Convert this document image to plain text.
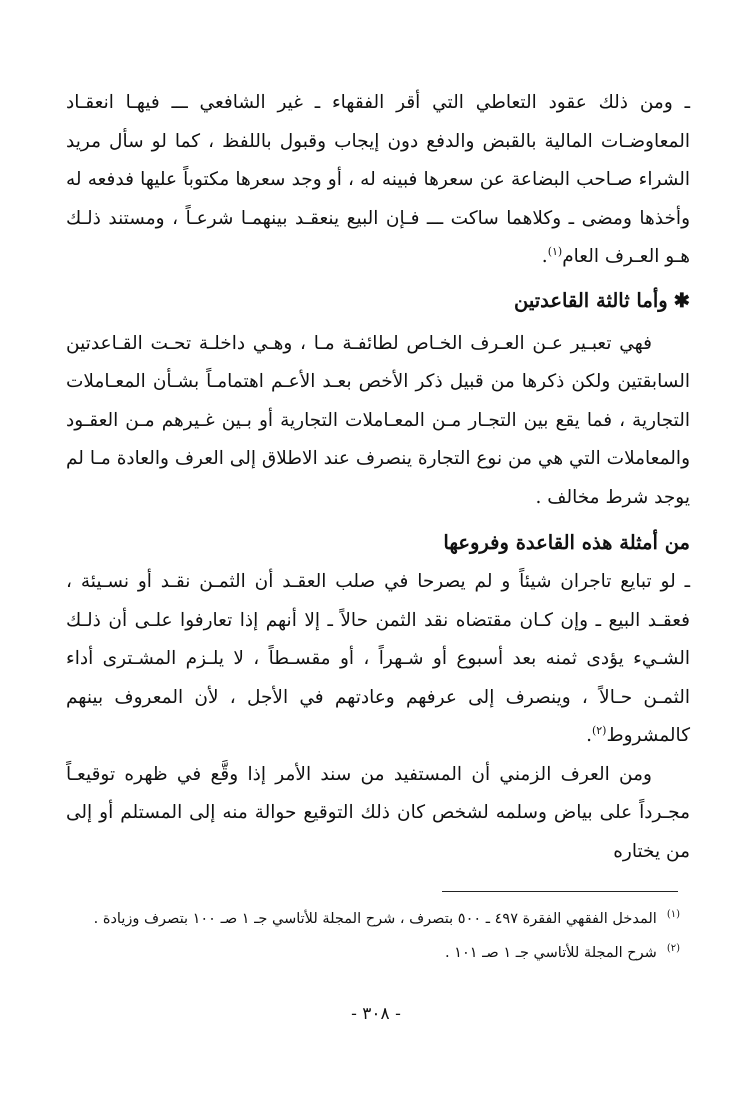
ـ ومن ذلك عقود التعاطي التي أقر الفقهاء ـ غير الشافعي ـــ فيهـا انعقـاد المعاوضـات المالية بالقبض والدفع دون إيجاب وقبول باللفظ ، كما لو سأل مريد الشراء صـاحب البضاعة عن سعرها فبينه له ، أو وجد سعرها مكتوباً عليها فدفعه له وأخذها ومضى ـ وكلاهما ساكت ـــ فـإن البيع ينعقـد بينهمـا شرعـاً ، ومستند ذلـك هـو العـرف العام$^{(١)}$.

✱وأما ثالثة القاعدتين

فهي تعبـير عـن العـرف الخـاص لطائفـة مـا ، وهـي داخلـة تحـت القـاعدتين السابقتين ولكن ذكرها من قبيل ذكر الأخص بعـد الأعـم اهتمامـاً بشـأن المعـاملات التجارية ، فما يقع بين التجـار مـن المعـاملات التجارية أو بـين غـيرهم مـن العقـود والمعاملات التي هي من نوع التجارة ينصرف عند الاطلاق إلى العرف والعادة مـا لم يوجد شرط مخالف .

من أمثلة هذه القاعدة وفروعها

ـ لو تبايع تاجران شيئاً و لم يصرحا في صلب العقـد أن الثمـن نقـد أو نسـيئة ، فعقـد البيع ـ وإن كـان مقتضاه نقد الثمن حالاً ـ إلا أنهم إذا تعارفوا علـى أن ذلـك الشـيء يؤدى ثمنه بعد أسبوع أو شـهراً ، أو مقسـطاً ، لا يلـزم المشـترى أداء الثمـن حـالاً ، وينصرف إلى عرفهم وعادتهم في الأجل ، لأن المعروف بينهم كالمشروط$^{(٢)}$.

ومن العرف الزمني أن المستفيد من سند الأمر إذا وقَّع في ظهره توقيعـاً مجـرداً على بياض وسلمه لشخص كان ذلك التوقيع حوالة منه إلى المستلم أو إلى من يختاره

$^{(١)}$المدخل الفقهي الفقرة ٤٩٧ ـ ٥٠٠ بتصرف ، شرح المجلة للأتاسي جـ ١ صـ ١٠٠ بتصرف وزيادة .

$^{(٢)}$شرح المجلة للأتاسي جـ ١ صـ ١٠١ .

- ٣٠٨ -
